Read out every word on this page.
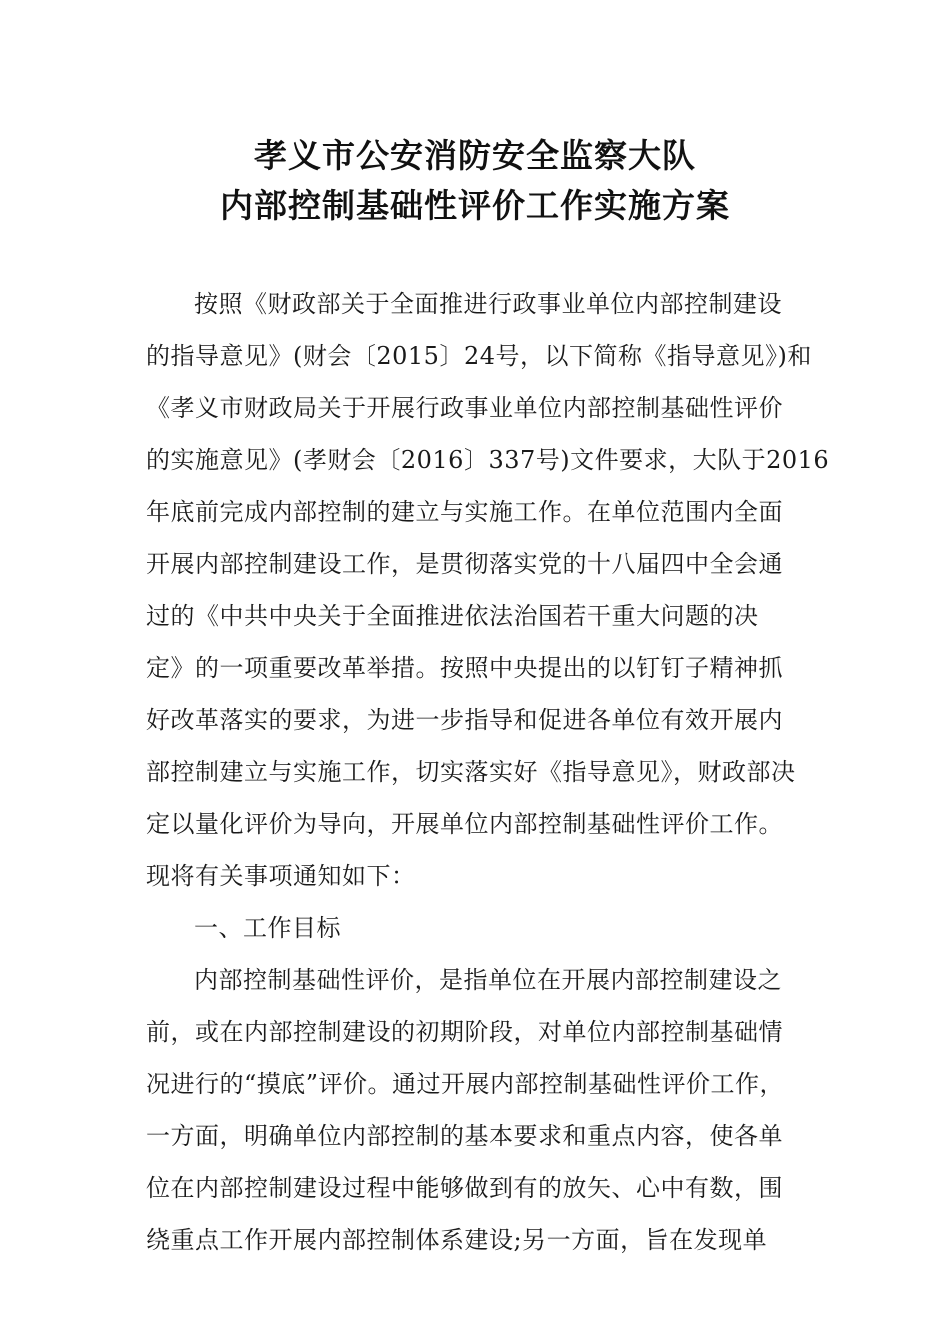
孝义市公安消防安全监察大队
内部控制基础性评价工作实施方案
按照《财政部关于全面推进行政事业单位内部控制建设
的指导意见》(财会〔2015〕24号，以下简称《指导意见》)和
《孝义市财政局关于开展行政事业单位内部控制基础性评价
的实施意见》(孝财会〔2016〕337号)文件要求，大队于2016
年底前完成内部控制的建立与实施工作。在单位范围内全面
开展内部控制建设工作，是贯彻落实党的十八届四中全会通
过的《中共中央关于全面推进依法治国若干重大问题的决
定》的一项重要改革举措。按照中央提出的以钉钉子精神抓
好改革落实的要求，为进一步指导和促进各单位有效开展内
部控制建立与实施工作，切实落实好《指导意见》，财政部决
定以量化评价为导向，开展单位内部控制基础性评价工作。
现将有关事项通知如下：
一、工作目标
内部控制基础性评价，是指单位在开展内部控制建设之
前，或在内部控制建设的初期阶段，对单位内部控制基础情
况进行的“摸底”评价。通过开展内部控制基础性评价工作，
一方面，明确单位内部控制的基本要求和重点内容，使各单
位在内部控制建设过程中能够做到有的放矢、心中有数，围
绕重点工作开展内部控制体系建设;另一方面，旨在发现单
